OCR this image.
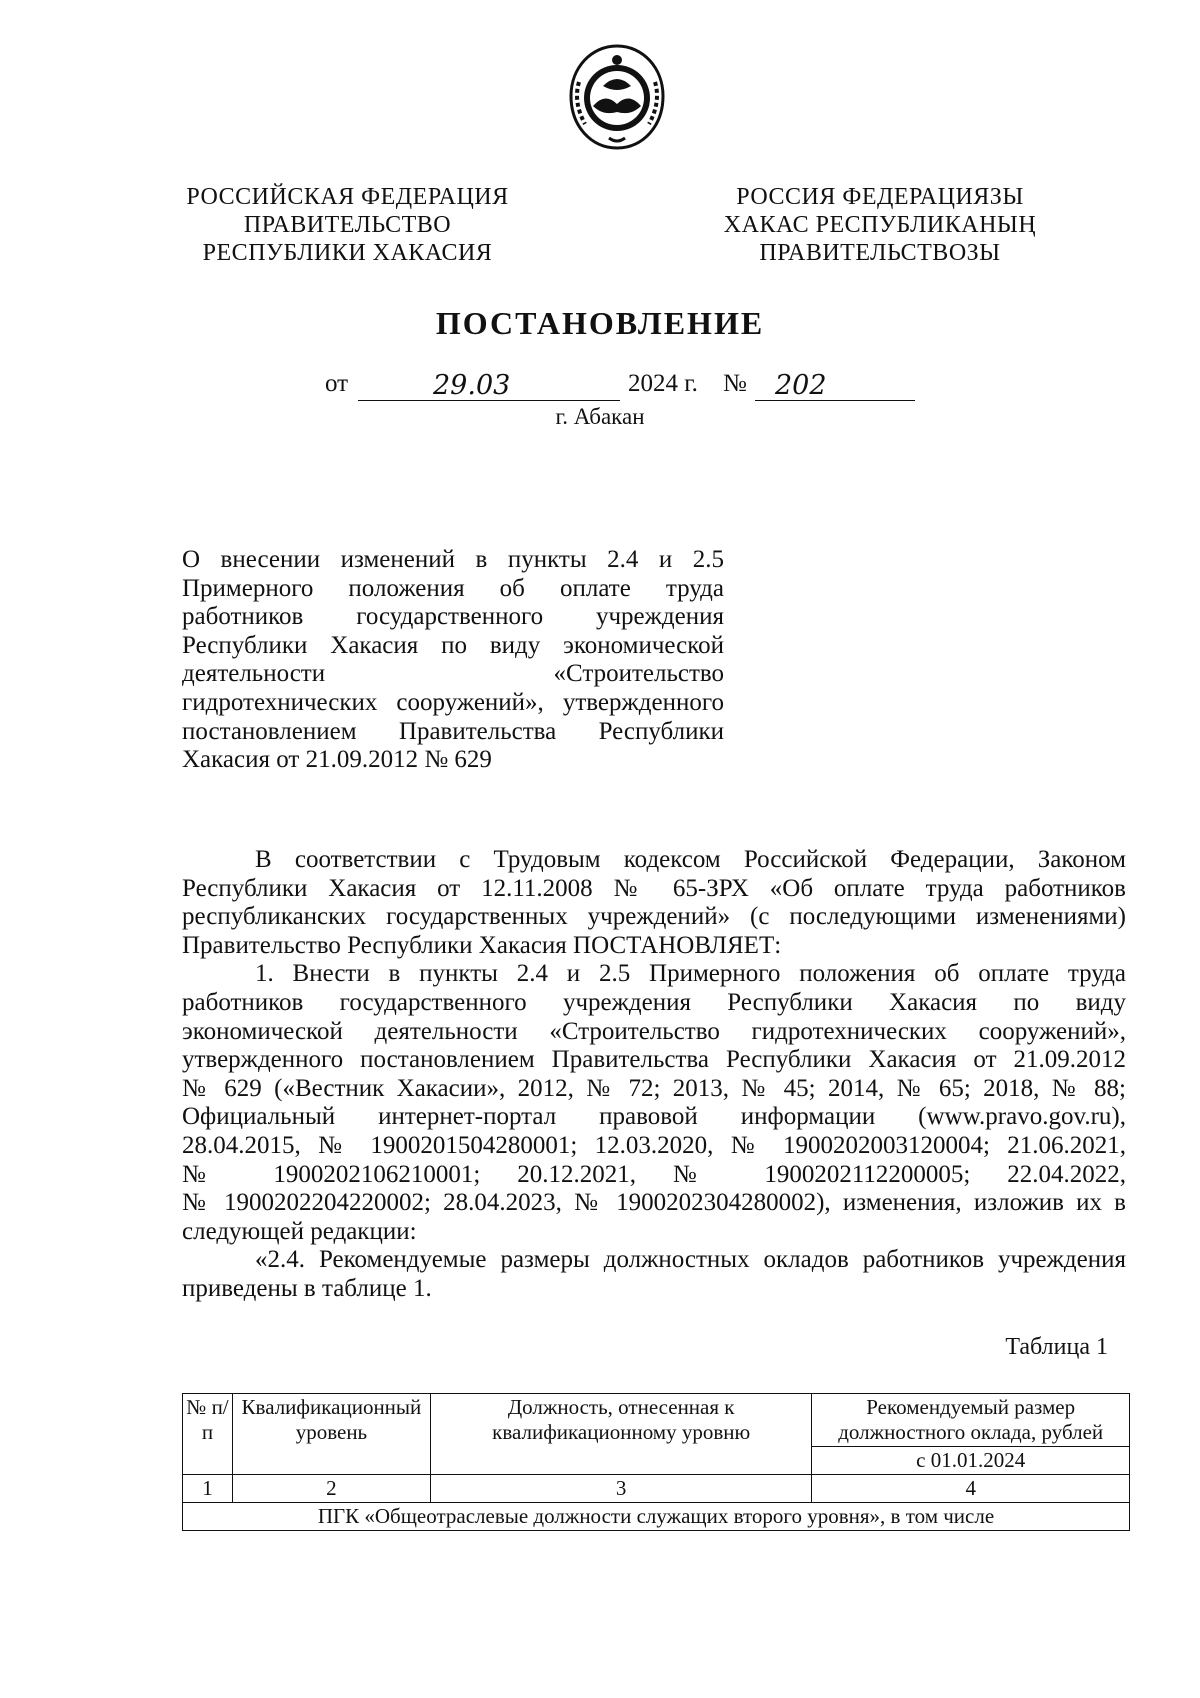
РОССИЙСКАЯ ФЕДЕРАЦИЯ
ПРАВИТЕЛЬСТВО
РЕСПУБЛИКИ ХАКАСИЯ
РОССИЯ ФЕДЕРАЦИЯЗЫ
ХАКАС РЕСПУБЛИКАНЫҢ
ПРАВИТЕЛЬСТВОЗЫ
ПОСТАНОВЛЕНИЕ
от	29.03	2024 г. № 202
г. Абакан
О внесении изменений в пункты 2.4 и 2.5
Примерного положения об оплате труда
работников государственного учреждения
Республики Хакасия по виду экономической
деятельности «Строительство
гидротехнических сооружений», утвержденного
постановлением Правительства Республики
Хакасия от 21.09.2012 № 629
В соответствии с Трудовым кодексом Российской Федерации, Законом
Республики Хакасия от 12.11.2008 № 65-ЗРХ «Об оплате труда работников
республиканских государственных учреждений» (с последующими изменениями)
Правительство Республики Хакасия ПОСТАНОВЛЯЕТ:
1. Внести в пункты 2.4 и 2.5 Примерного положения об оплате труда
работников государственного учреждения Республики Хакасия по виду
экономической деятельности «Строительство гидротехнических сооружений»,
утвержденного постановлением Правительства Республики Хакасия от 21.09.2012
№ 629 («Вестник Хакасии», 2012, № 72; 2013, № 45; 2014, № 65; 2018, № 88;
Официальный интернет-портал правовой информации (www.pravo.gov.ru),
28.04.2015, № 1900201504280001; 12.03.2020, № 1900202003120004; 21.06.2021,
№ 1900202106210001; 20.12.2021, № 1900202112200005; 22.04.2022,
№ 1900202204220002; 28.04.2023, № 1900202304280002), изменения, изложив их в
следующей редакции:
«2.4. Рекомендуемые размеры должностных окладов работников учреждения
приведены в таблице 1.
Таблица 1
№ п/п	Квалификационный уровень	Должность, отнесенная к квалификационному уровню	Рекомендуемый размер должностного оклада, рублей
			с 01.01.2024
1	2	3	4
ПГК «Общеотраслевые должности служащих второго уровня», в том числе			
